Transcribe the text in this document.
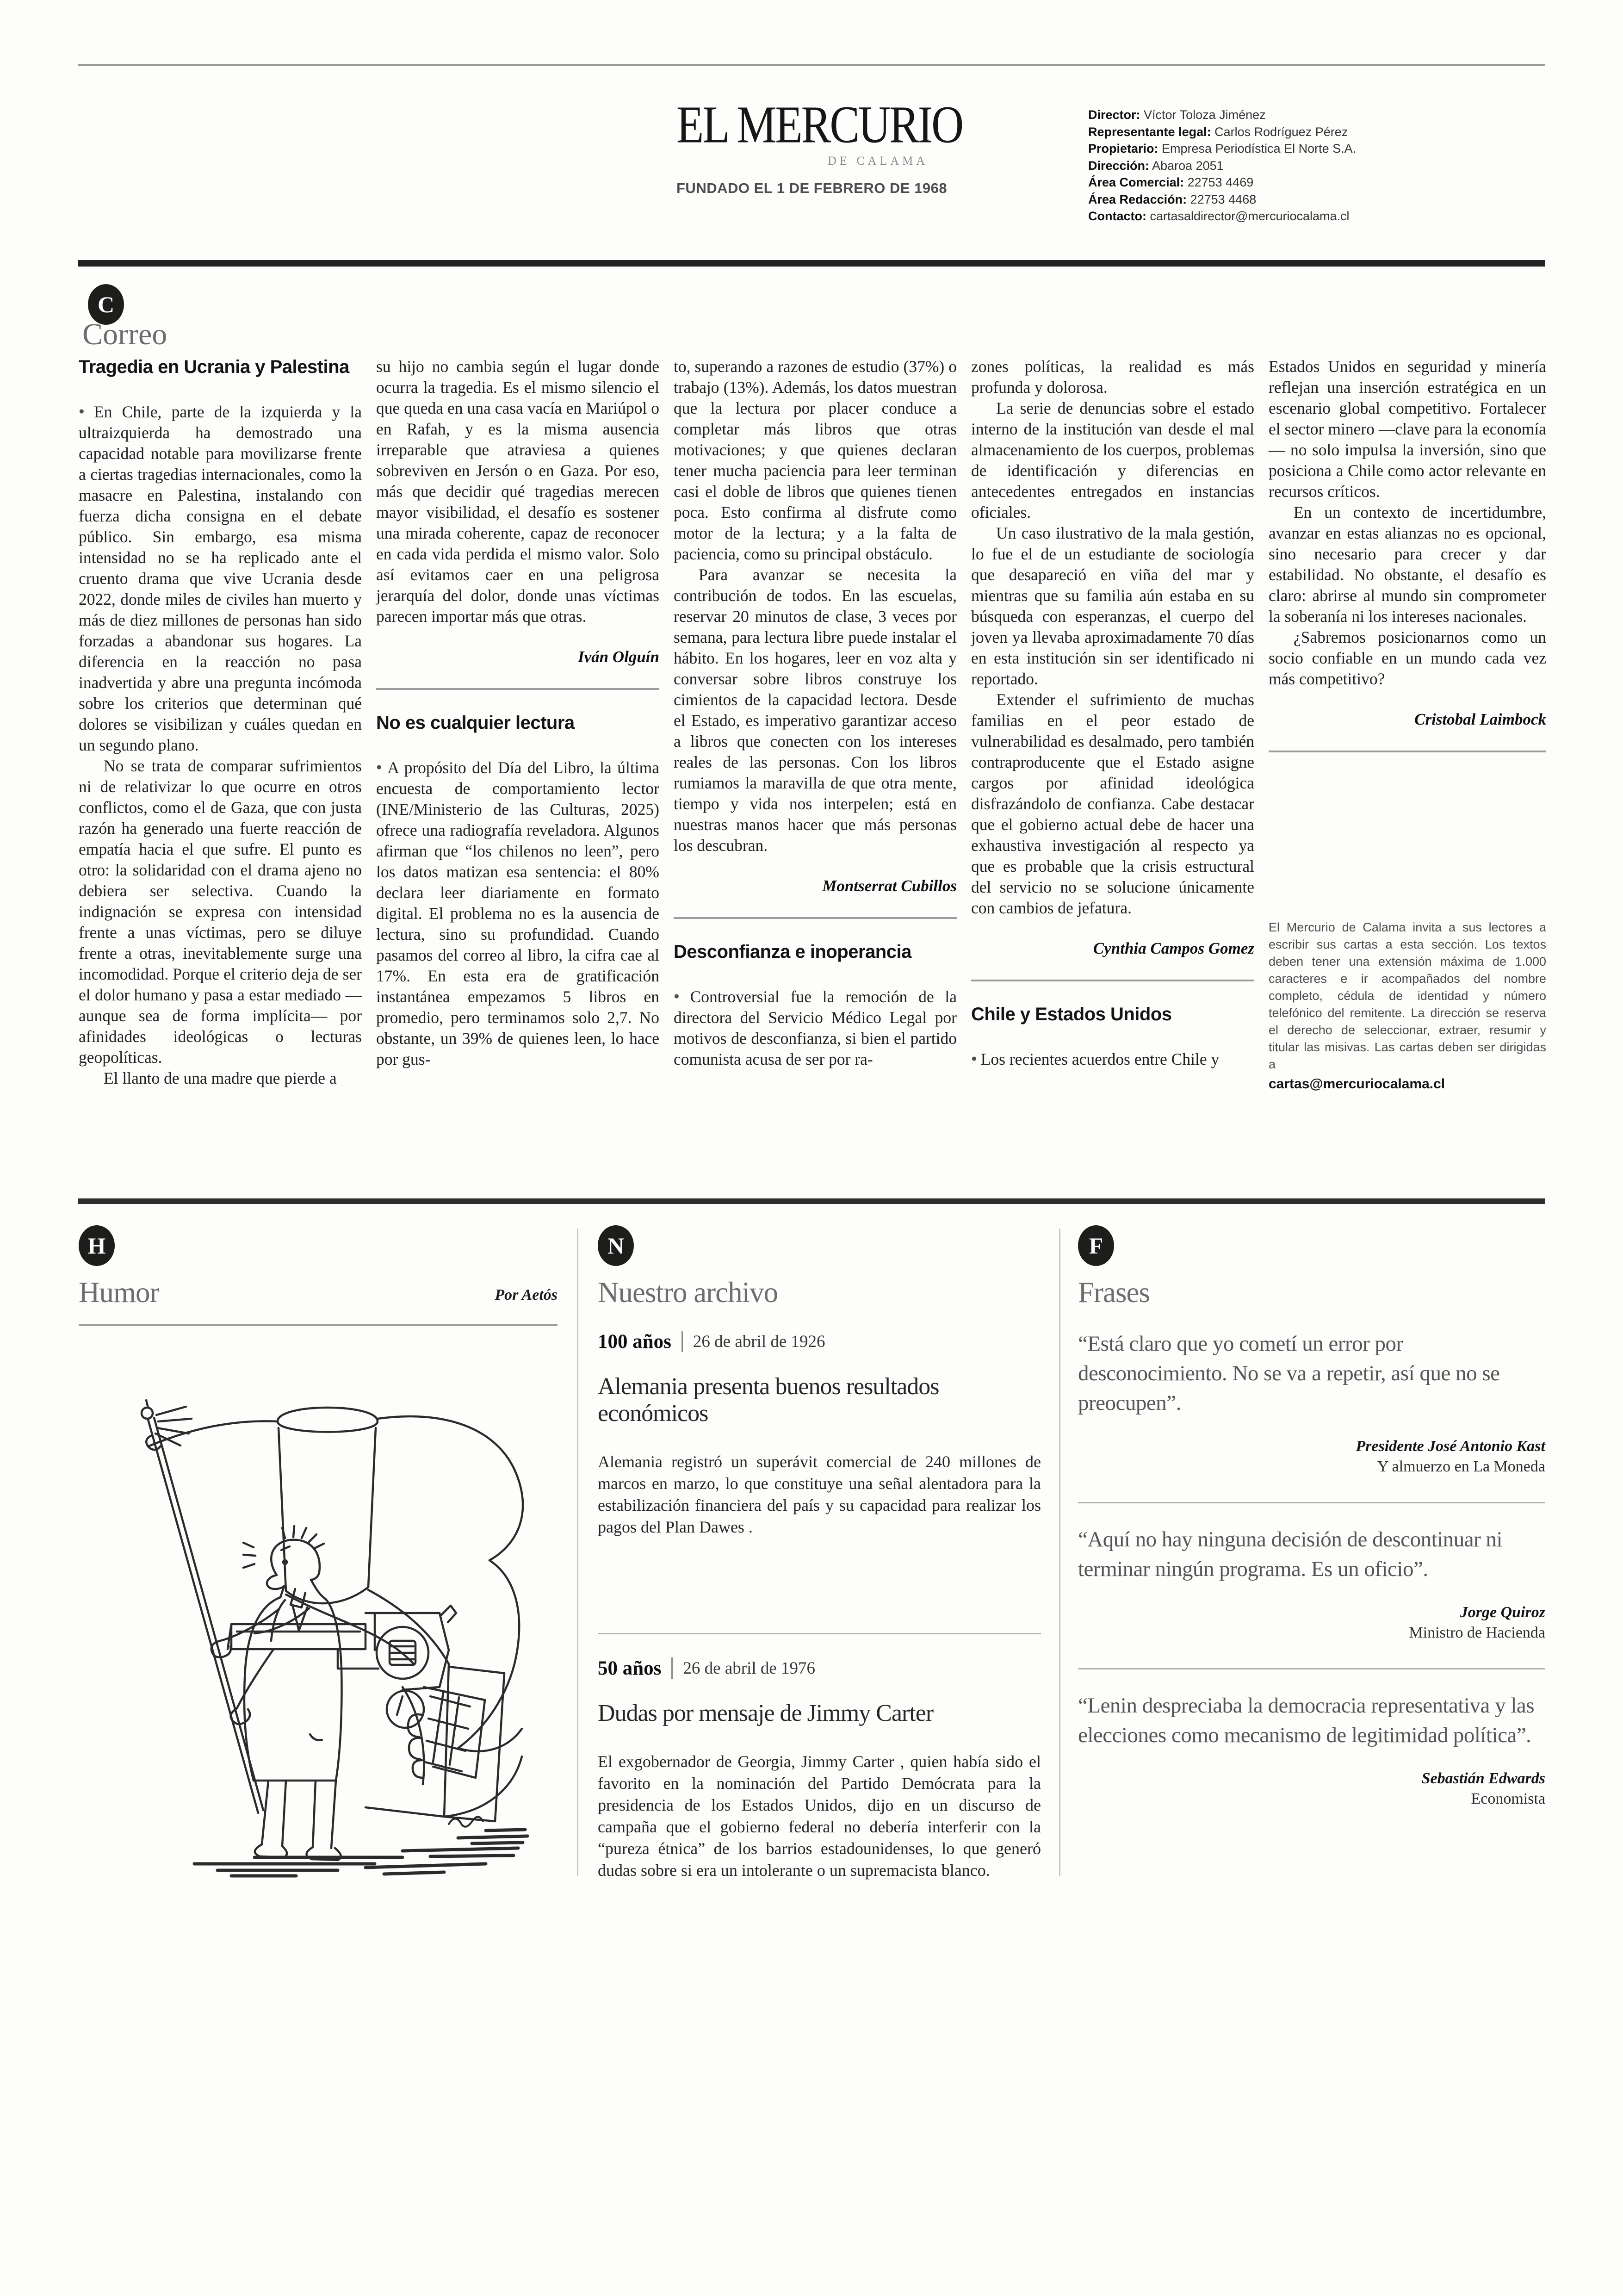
EL MERCURIO
DE CALAMA
FUNDADO EL 1 DE FEBRERO DE 1968
Director: Víctor Toloza Jiménez
Representante legal: Carlos Rodríguez Pérez
Propietario: Empresa Periodística El Norte S.A.
Dirección: Abaroa 2051
Área Comercial: 22753 4469
Área Redacción: 22753 4468
Contacto: cartasaldirector@mercuriocalama.cl
C
Correo
Tragedia en Ucrania y Palestina

● En Chile, parte de la izquierda y la ultraizquierda ha demostrado una capacidad notable para movilizarse frente a ciertas tragedias internacionales, como la masacre en Palestina, instalando con fuerza dicha consigna en el debate público. Sin embargo, esa misma intensidad no se ha replicado ante el cruento drama que vive Ucrania desde 2022, donde miles de civiles han muerto y más de diez millones de personas han sido forzadas a abandonar sus hogares. La diferencia en la reacción no pasa inadvertida y abre una pregunta incómoda sobre los criterios que determinan qué dolores se visibilizan y cuáles quedan en un segundo plano.

No se trata de comparar sufrimientos ni de relativizar lo que ocurre en otros conflictos, como el de Gaza, que con justa razón ha generado una fuerte reacción de empatía hacia el que sufre. El punto es otro: la solidaridad con el drama ajeno no debiera ser selectiva. Cuando la indignación se expresa con intensidad frente a unas víctimas, pero se diluye frente a otras, inevitablemente surge una incomodidad. Porque el criterio deja de ser el dolor humano y pasa a estar mediado —aunque sea de forma implícita— por afinidades ideológicas o lecturas geopolíticas.

El llanto de una madre que pierde a

su hijo no cambia según el lugar donde ocurra la tragedia. Es el mismo silencio el que queda en una casa vacía en Mariúpol o en Rafah, y es la misma ausencia irreparable que atraviesa a quienes sobreviven en Jersón o en Gaza. Por eso, más que decidir qué tragedias merecen mayor visibilidad, el desafío es sostener una mirada coherente, capaz de reconocer en cada vida perdida el mismo valor. Solo así evitamos caer en una peligrosa jerarquía del dolor, donde unas víctimas parecen importar más que otras.

Iván Olguín
No es cualquier lectura

● A propósito del Día del Libro, la última encuesta de comportamiento lector (INE/Ministerio de las Culturas, 2025) ofrece una radiografía reveladora. Algunos afirman que “los chilenos no leen”, pero los datos matizan esa sentencia: el 80% declara leer diariamente en formato digital. El problema no es la ausencia de lectura, sino su profundidad. Cuando pasamos del correo al libro, la cifra cae al 17%. En esta era de gratificación instantánea empezamos 5 libros en promedio, pero terminamos solo 2,7. No obstante, un 39% de quienes leen, lo hace por gus-

to, superando a razones de estudio (37%) o trabajo (13%). Además, los datos muestran que la lectura por placer conduce a completar más libros que otras motivaciones; y que quienes declaran tener mucha paciencia para leer terminan casi el doble de libros que quienes tienen poca. Esto confirma al disfrute como motor de la lectura; y a la falta de paciencia, como su principal obstáculo.

Para avanzar se necesita la contribución de todos. En las escuelas, reservar 20 minutos de clase, 3 veces por semana, para lectura libre puede instalar el hábito. En los hogares, leer en voz alta y conversar sobre libros construye los cimientos de la capacidad lectora. Desde el Estado, es imperativo garantizar acceso a libros que conecten con los intereses reales de las personas. Con los libros rumiamos la maravilla de que otra mente, tiempo y vida nos interpelen; está en nuestras manos hacer que más personas los descubran.

Montserrat Cubillos
Desconfianza e inoperancia

● Controversial fue la remoción de la directora del Servicio Médico Legal por motivos de desconfianza, si bien el partido comunista acusa de ser por ra-

zones políticas, la realidad es más profunda y dolorosa.

La serie de denuncias sobre el estado interno de la institución van desde el mal almacenamiento de los cuerpos, problemas de identificación y diferencias en antecedentes entregados en instancias oficiales.

Un caso ilustrativo de la mala gestión, lo fue el de un estudiante de sociología que desapareció en viña del mar y mientras que su familia aún estaba en su búsqueda con esperanzas, el cuerpo del joven ya llevaba aproximadamente 70 días en esta institución sin ser identificado ni reportado.

Extender el sufrimiento de muchas familias en el peor estado de vulnerabilidad es desalmado, pero también contraproducente que el Estado asigne cargos por afinidad ideológica disfrazándolo de confianza. Cabe destacar que el gobierno actual debe de hacer una exhaustiva investigación al respecto ya que es probable que la crisis estructural del servicio no se solucione únicamente con cambios de jefatura.

Cynthia Campos Gomez
Chile y Estados Unidos

● Los recientes acuerdos entre Chile y

Estados Unidos en seguridad y minería reflejan una inserción estratégica en un escenario global competitivo. Fortalecer el sector minero —clave para la economía— no solo impulsa la inversión, sino que posiciona a Chile como actor relevante en recursos críticos.

En un contexto de incertidumbre, avanzar en estas alianzas no es opcional, sino necesario para crecer y dar estabilidad. No obstante, el desafío es claro: abrirse al mundo sin comprometer la soberanía ni los intereses nacionales.

¿Sabremos posicionarnos como un socio confiable en un mundo cada vez más competitivo?

Cristobal Laimbock
El Mercurio de Calama invita a sus lectores a escribir sus cartas a esta sección. Los textos deben tener una extensión máxima de 1.000 caracteres e ir acompañados del nombre completo, cédula de identidad y número telefónico del remitente. La dirección se reserva el derecho de seleccionar, extraer, resumir y titular las misivas. Las cartas deben ser dirigidas a
cartas@mercuriocalama.cl
H
Humor	Por Aetós
N
Nuestro archivo
100 años 26 de abril de 1926
Alemania presenta buenos resultados económicos

Alemania registró un superávit comercial de 240 millones de marcos en marzo, lo que constituye una señal alentadora para la estabilización financiera del país y su capacidad para realizar los pagos del Plan Dawes .

50 años 26 de abril de 1976
Dudas por mensaje de Jimmy Carter

El exgobernador de Georgia, Jimmy Carter , quien había sido el favorito en la nominación del Partido Demócrata para la presidencia de los Estados Unidos, dijo en un discurso de campaña que el gobierno federal no debería interferir con la “pureza étnica” de los barrios estadounidenses, lo que generó dudas sobre si era un intolerante o un supremacista blanco.

F
Frases

“Está claro que yo cometí un error por desconocimiento. No se va a repetir, así que no se preocupen”.

Presidente José Antonio Kast
Y almuerzo en La Moneda

“Aquí no hay ninguna decisión de descontinuar ni terminar ningún programa. Es un oficio”.

Jorge Quiroz
Ministro de Hacienda

“Lenin despreciaba la democracia representativa y las elecciones como mecanismo de legitimidad política”.

Sebastián Edwards
Economista
